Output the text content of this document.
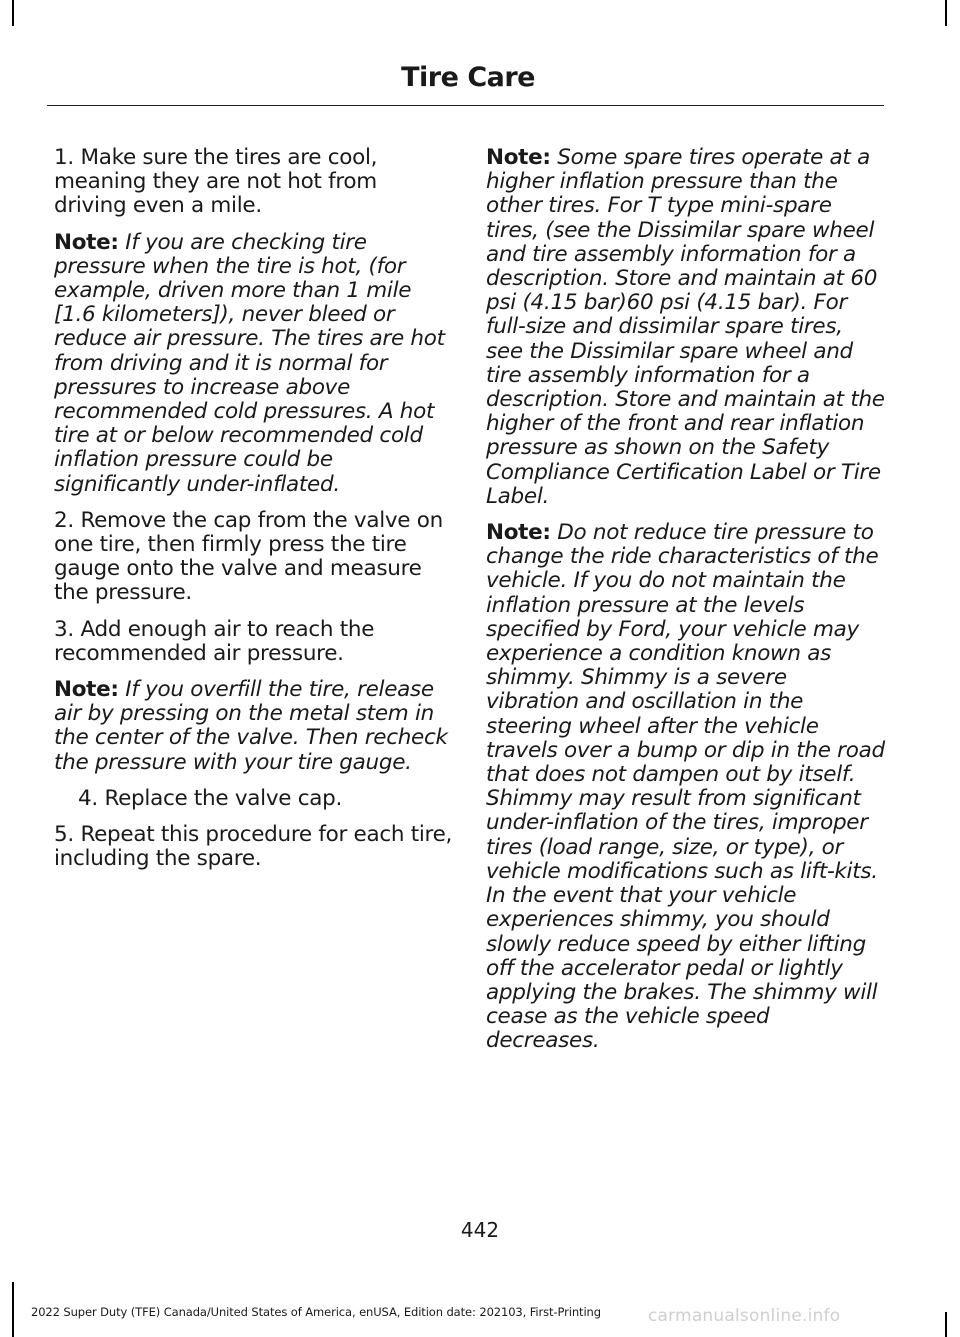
Tire Care

1. Make sure the tires are cool, meaning they are not hot from driving even a mile.

Note: If you are checking tire pressure when the tire is hot, (for example, driven more than 1 mile [1.6 kilometers]), never bleed or reduce air pressure. The tires are hot from driving and it is normal for pressures to increase above recommended cold pressures. A hot tire at or below recommended cold inflation pressure could be significantly under-inflated.

2. Remove the cap from the valve on one tire, then firmly press the tire gauge onto the valve and measure the pressure.

3. Add enough air to reach the recommended air pressure.

Note: If you overfill the tire, release air by pressing on the metal stem in the center of the valve. Then recheck the pressure with your tire gauge.

4. Replace the valve cap.

5. Repeat this procedure for each tire, including the spare.

Note: Some spare tires operate at a higher inflation pressure than the other tires. For T type mini-spare tires, (see the Dissimilar spare wheel and tire assembly information for a description. Store and maintain at 60 psi (4.15 bar)60 psi (4.15 bar). For full-size and dissimilar spare tires, see the Dissimilar spare wheel and tire assembly information for a description. Store and maintain at the higher of the front and rear inflation pressure as shown on the Safety Compliance Certification Label or Tire Label.

Note: Do not reduce tire pressure to change the ride characteristics of the vehicle. If you do not maintain the inflation pressure at the levels specified by Ford, your vehicle may experience a condition known as shimmy. Shimmy is a severe vibration and oscillation in the steering wheel after the vehicle travels over a bump or dip in the road that does not dampen out by itself. Shimmy may result from significant under-inflation of the tires, improper tires (load range, size, or type), or vehicle modifications such as lift-kits. In the event that your vehicle experiences shimmy, you should slowly reduce speed by either lifting off the accelerator pedal or lightly applying the brakes. The shimmy will cease as the vehicle speed decreases.

442
2022 Super Duty (TFE) Canada/United States of America, enUSA, Edition date: 202103, First-Printing	carmanualsonline.info
